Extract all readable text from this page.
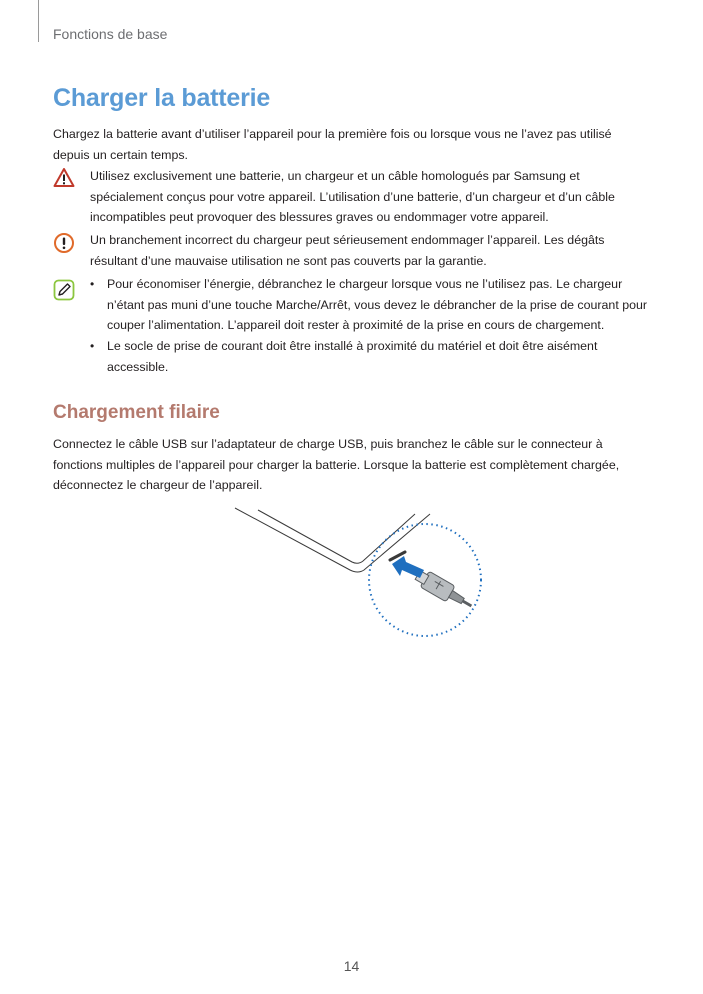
Fonctions de base
Charger la batterie

Chargez la batterie avant d’utiliser l’appareil pour la première fois ou lorsque vous ne l’avez pas utilisé depuis un certain temps.

Utilisez exclusivement une batterie, un chargeur et un câble homologués par Samsung et spécialement conçus pour votre appareil. L’utilisation d’une batterie, d’un chargeur et d’un câble incompatibles peut provoquer des blessures graves ou endommager votre appareil.

Un branchement incorrect du chargeur peut sérieusement endommager l’appareil. Les dégâts résultant d’une mauvaise utilisation ne sont pas couverts par la garantie.

• Pour économiser l’énergie, débranchez le chargeur lorsque vous ne l’utilisez pas. Le chargeur n’étant pas muni d’une touche Marche/Arrêt, vous devez le débrancher de la prise de courant pour couper l’alimentation. L’appareil doit rester à proximité de la prise en cours de chargement.

• Le socle de prise de courant doit être installé à proximité du matériel et doit être aisément accessible.

Chargement filaire

Connectez le câble USB sur l’adaptateur de charge USB, puis branchez le câble sur le connecteur à fonctions multiples de l’appareil pour charger la batterie. Lorsque la batterie est complètement chargée, déconnectez le chargeur de l’appareil.

14
